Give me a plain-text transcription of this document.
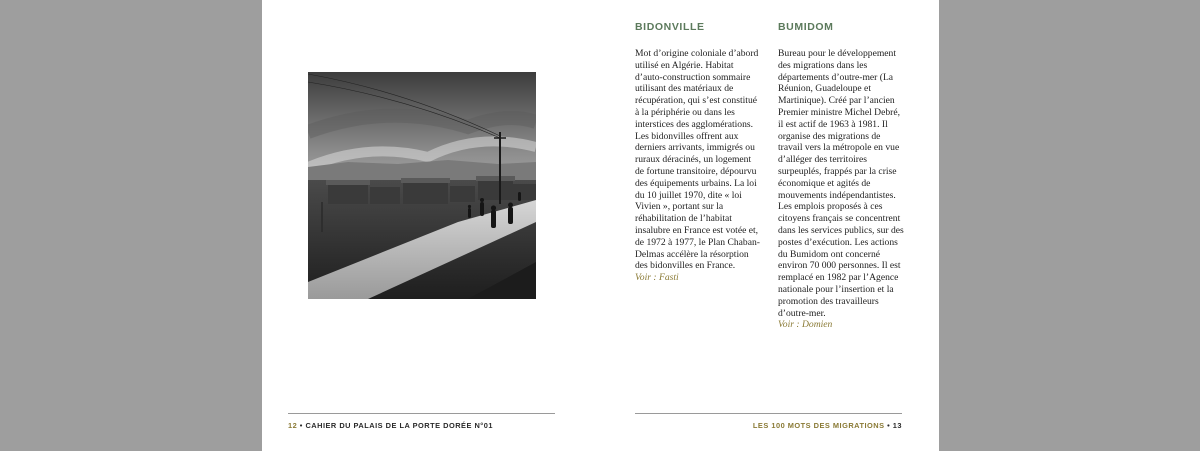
BIDONVILLE

Mot d’origine coloniale d’abord utilisé en Algérie. Habitat d’auto-construction sommaire utilisant des matériaux de récupération, qui s’est constitué à la périphérie ou dans les interstices des agglomérations. Les bidonvilles offrent aux derniers arrivants, immigrés ou ruraux déracinés, un logement de fortune transitoire, dépourvu des équipements urbains. La loi du 10 juillet 1970, dite « loi Vivien », portant sur la réhabilitation de l’habitat insalubre en France est votée et, de 1972 à 1977, le Plan Chaban-Delmas accélère la résorption des bidonvilles en France.

Voir : Fasti

BUMIDOM

Bureau pour le développement des migrations dans les départements d’outre-mer (La Réunion, Guadeloupe et Martinique). Créé par l’ancien Premier ministre Michel Debré, il est actif de 1963 à 1981. Il organise des migrations de travail vers la métropole en vue d’alléger des territoires surpeuplés, frappés par la crise économique et agités de mouvements indépendantistes. Les emplois proposés à ces citoyens français se concentrent dans les services publics, sur des postes d’exécution. Les actions du Bumidom ont concerné environ 70 000 personnes. Il est remplacé en 1982 par l’Agence nationale pour l’insertion et la promotion des travailleurs d’outre-mer.

Voir : Domien

12 • CAHIER DU PALAIS DE LA PORTE DORÉE N°01	LES 100 MOTS DES MIGRATIONS • 13
